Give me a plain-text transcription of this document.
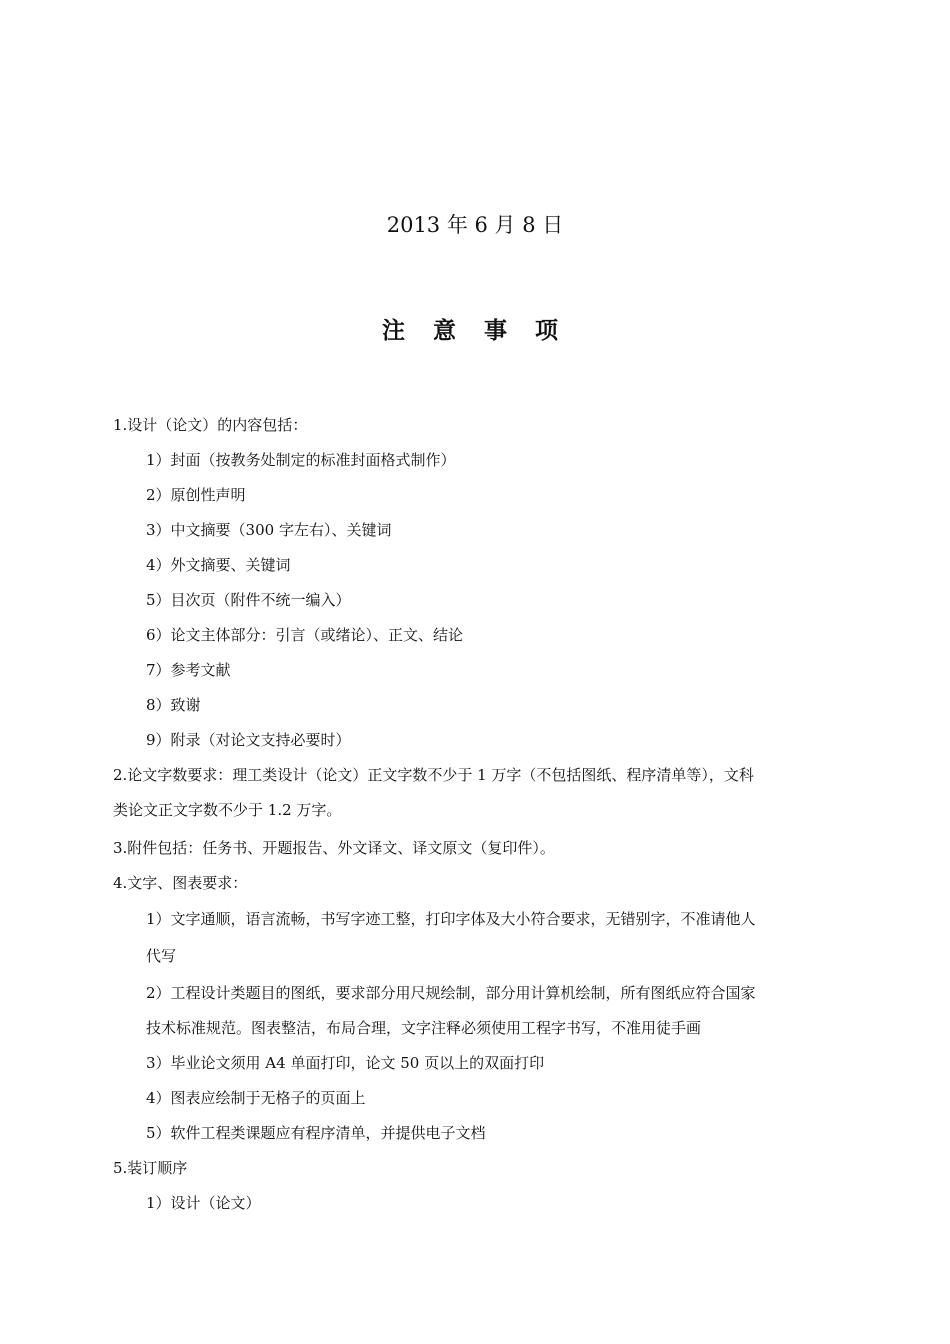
2013 年 6 月 8 日
注 意 事 项
1.设计（论文）的内容包括：
1）封面（按教务处制定的标准封面格式制作）
2）原创性声明
3）中文摘要（300 字左右）、关键词
4）外文摘要、关键词
5）目次页（附件不统一编入）
6）论文主体部分：引言（或绪论）、正文、结论
7）参考文献
8）致谢
9）附录（对论文支持必要时）
2.论文字数要求：理工类设计（论文）正文字数不少于 1 万字（不包括图纸、程序清单等），文科
类论文正文字数不少于 1.2 万字。
3.附件包括：任务书、开题报告、外文译文、译文原文（复印件）。
4.文字、图表要求：
1）文字通顺，语言流畅，书写字迹工整，打印字体及大小符合要求，无错别字，不准请他人
代写
2）工程设计类题目的图纸，要求部分用尺规绘制，部分用计算机绘制，所有图纸应符合国家
技术标准规范。图表整洁，布局合理，文字注释必须使用工程字书写，不准用徒手画
3）毕业论文须用 A4 单面打印，论文 50 页以上的双面打印
4）图表应绘制于无格子的页面上
5）软件工程类课题应有程序清单，并提供电子文档
5.装订顺序
1）设计（论文）
